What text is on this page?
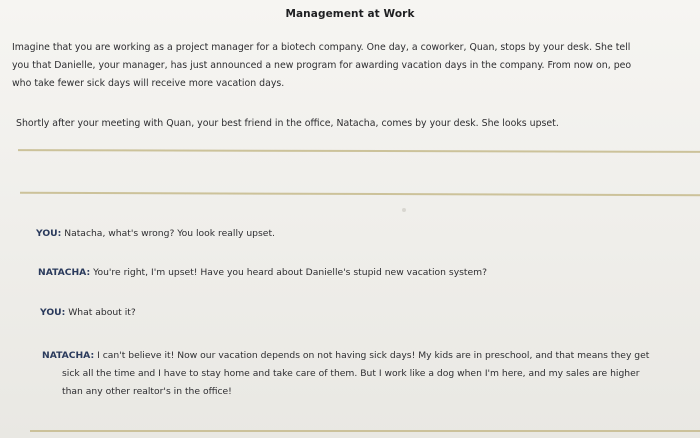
Management at Work
Imagine that you are working as a project manager for a biotech company. One day, a coworker, Quan, stops by your desk. She tell
you that Danielle, your manager, has just announced a new program for awarding vacation days in the company. From now on, peo
who take fewer sick days will receive more vacation days.
Shortly after your meeting with Quan, your best friend in the office, Natacha, comes by your desk. She looks upset.
YOU: Natacha, what's wrong? You look really upset.
NATACHA: You're right, I'm upset! Have you heard about Danielle's stupid new vacation system?
YOU: What about it?
NATACHA: I can't believe it! Now our vacation depends on not having sick days! My kids are in preschool, and that means they get
sick all the time and I have to stay home and take care of them. But I work like a dog when I'm here, and my sales are higher
than any other realtor's in the office!
